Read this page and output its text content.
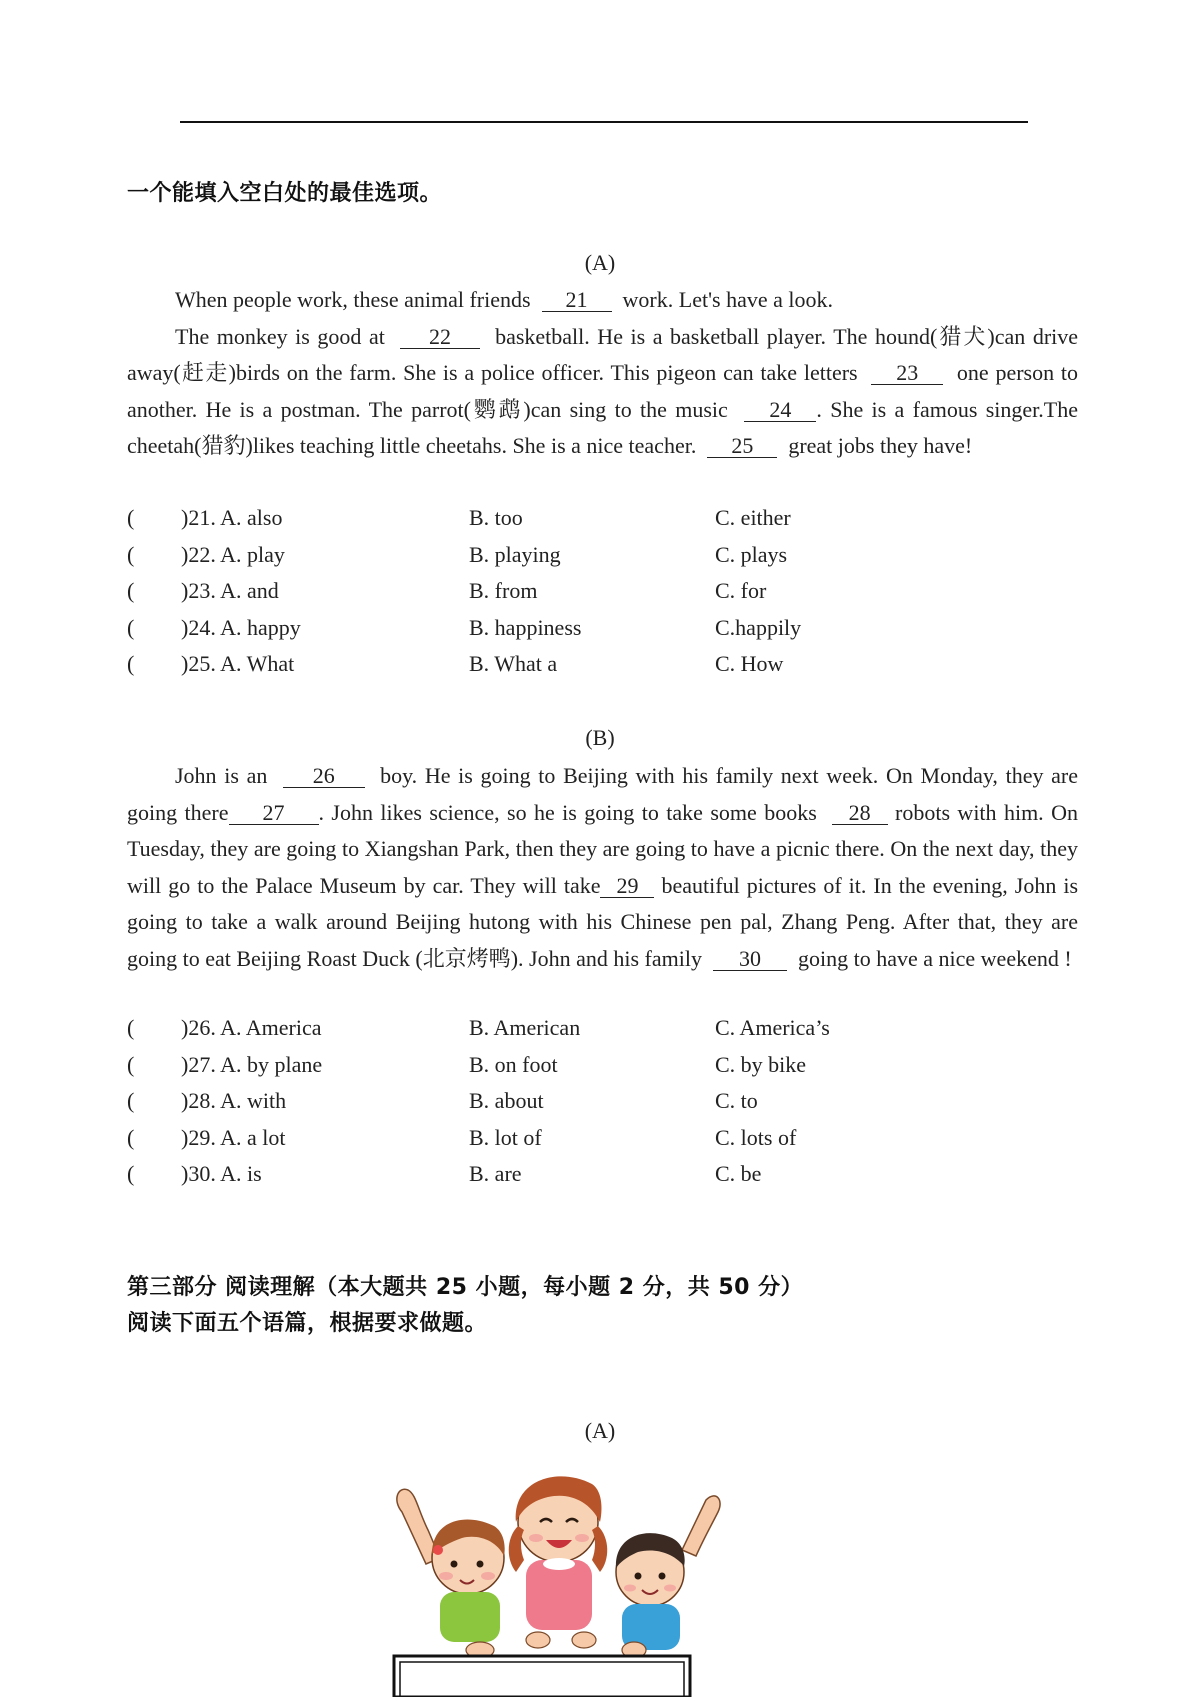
一个能填入空白处的最佳选项。
(A)

When people work, these animal friends 21 work. Let's have a look.

The monkey is good at 22 basketball. He is a basketball player. The hound(猎犬)can drive away(赶走)birds on the farm. She is a police officer. This pigeon can take letters 23 one person to another. He is a postman. The parrot(鹦鹉)can sing to the music 24 . She is a famous singer.The cheetah(猎豹)likes teaching little cheetahs. She is a nice teacher. 25 great jobs they have!

( )21. A. also	B. too	C. either
( )22. A. play	B. playing	C. plays
( )23. A. and	B. from	C. for
( )24. A. happy	B. happiness	C.happily
( )25. A. What	B. What a	C. How
(B)

John is an 26 boy. He is going to Beijing with his family next week. On Monday, they are going there 27 . John likes science, so he is going to take some books 28 robots with him. On Tuesday, they are going to Xiangshan Park, then they are going to have a picnic there. On the next day, they will go to the Palace Museum by car. They will take 29 beautiful pictures of it. In the evening, John is going to take a walk around Beijing hutong with his Chinese pen pal, Zhang Peng. After that, they are going to eat Beijing Roast Duck (北京烤鸭). John and his family 30 going to have a nice weekend !

( )26. A. America	B. American	C. America’s
( )27. A. by plane	B. on foot	C. by bike
( )28. A. with	B. about	C. to
( )29. A. a lot	B. lot of	C. lots of
( )30. A. is	B. are	C. be
第三部分 阅读理解（本大题共 25 小题，每小题 2 分，共 50 分）
阅读下面五个语篇，根据要求做题。
(A)
